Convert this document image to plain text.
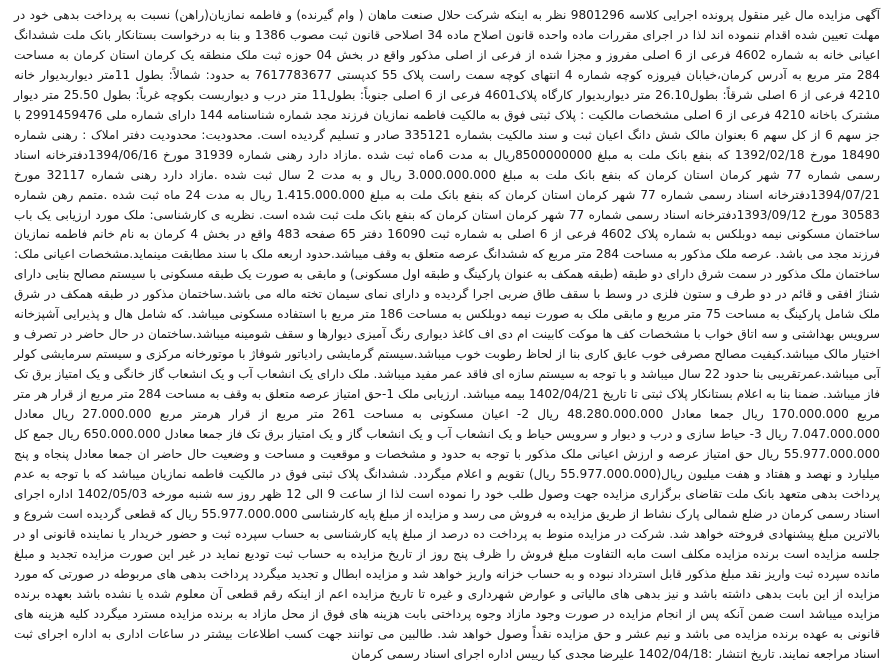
آگهی مزایده مال غیر منقول پرونده اجرایی کلاسه 9801296 نظر به اینکه شرکت حلال صنعت ماهان ( وام گیرنده) و فاطمه نمازیان(راهن) نسبت به پرداخت بدهی خود در مهلت تعیین شده اقدام ننموده اند لذا در اجرای مقررات ماده واحده قانون اصلاح ماده 34 اصلاحی قانون ثبت مصوب 1386 و بنا به درخواست بستانکار بانک ملت ششدانگ اعیانی خانه به شماره 4602 فرعی از 6 اصلی مفروز و مجزا شده از فرعی از اصلی مذکور واقع در بخش 04 حوزه ثبت ملک منطقه یک کرمان استان کرمان به مساحت 284 متر مربع به آدرس کرمان،خیابان فیروزه کوچه شماره 4 انتهای کوچه سمت راست پلاک 55 کدپستی 7617783677 به حدود: شمالاً: بطول 11متر دیواربدیوار خانه 4210 فرعی از 6 اصلی شرقاً: بطول26.10 متر دیواربدیوار کارگاه پلاک4601 فرعی از 6 اصلی جنوباً: بطول11 متر درب و دیواربست بکوچه غرباً: بطول 25.50 متر دیوار مشترک باخانه 4210 فرعی از 6 اصلی مشخصات مالکیت : پلاک ثبتی فوق به مالکیت فاطمه نمازیان فرزند مجد شماره شناسنامه 144 دارای شماره ملی 2991459476 با جز سهم 6 از کل سهم 6 بعنوان مالک شش دانگ اعیان ثبت و سند مالکیت بشماره 335121 صادر و تسلیم گردیده است. محدودیت: محدودیت دفتر املاک : رهنی شماره 18490 مورخ 1392/02/18 که بنفع بانک ملت به مبلغ 8500000000ریال به مدت 6ماه ثبت شده .مازاد دارد رهنی شماره 31939 مورخ 1394/06/16دفترخانه اسناد رسمی شماره 77 شهر کرمان استان کرمان که بنفع بانک ملت به مبلغ 3.000.000.000 ریال و به مدت 2 سال ثبت شده .مازاد دارد رهنی شماره 32117 مورخ 1394/07/21دفترخانه اسناد رسمی شماره 77 شهر کرمان استان کرمان که بنفع بانک ملت به مبلغ 1.415.000.000 ریال به مدت 24 ماه ثبت شده .متمم رهن شماره 30583 مورخ 1393/09/12دفترخانه اسناد رسمی شماره 77 شهر کرمان استان کرمان که بنفع بانک ملت ثبت شده است. نظریه ی کارشناسی: ملک مورد ارزیابی یک باب ساختمان مسکونی نیمه دوبلکس به شماره پلاک 4602 فرعی از 6 اصلی به شماره ثبت 16090 دفتر 65 صفحه 483 واقع در بخش 4 کرمان به نام خانم فاطمه نمازیان فرزند مجد می باشد. عرصه ملک مذکور به مساحت 284 متر مربع که ششدانگ عرصه متعلق به وقف میباشد.حدود اربعه ملک با سند مطابقت مینماید.مشخصات اعیانی ملک: ساختمان ملک مذکور در سمت شرق دارای دو طبقه (طبقه همکف به عنوان پارکینگ و طبقه اول مسکونی) و مابقی به صورت یک طبقه مسکونی با سیستم مصالح بنایی دارای شناژ افقی و قائم در دو طرف و ستون فلزی در وسط با سقف طاق ضربی اجرا گردیده و دارای نمای سیمان تخته ماله می باشد.ساختمان مذکور در طبقه همکف در شرق ملک شامل پارکینگ به مساحت 75 متر مربع و مابقی ملک به صورت نیمه دوبلکس به مساحت 186 متر مربع با استفاده مسکونی میباشد. که شامل هال و پذیرایی آشپزخانه سرویس بهداشتی و سه اتاق خواب با مشخصات کف ها موکت کابینت ام دی اف کاغذ دیواری رنگ آمیزی دیوارها و سقف شومینه میباشد.ساختمان در حال حاضر در تصرف و اختیار مالک میباشد.کیفیت مصالح مصرفی خوب عایق کاری بنا از لحاظ رطوبت خوب میباشد.سیستم گرمایشی رادیاتور شوفاژ با موتورخانه مرکزی و سیستم سرمایشی کولر آبی میباشد.عمرتقریبی بنا حدود 22 سال میباشد و با توجه به سیستم سازه ای فاقد عمر مفید میباشد. ملک دارای یک انشعاب آب و یک انشعاب گاز خانگی و یک امتیاز برق تک فاز میباشد. ضمنا بنا به اعلام بستانکار پلاک ثبتی تا تاریخ 1402/04/21 بیمه میباشد. ارزیابی ملک 1-حق امتیاز عرصه متعلق به وقف به مساحت 284 متر مربع از قرار هر متر مربع 170.000.000 ریال جمعا معادل 48.280.000.000 ریال 2- اعیان مسکونی به مساحت 261 متر مربع از قرار هرمتر مربع 27.000.000 ریال معادل 7.047.000.000 ریال 3- حیاط سازی و درب و دیوار و سرویس حیاط و یک انشعاب آب و یک انشعاب گاز و یک امتیاز برق تک فاز جمعا معادل 650.000.000 ریال جمع کل 55.977.000.000 ریال حق امتیاز عرصه و ارزش اعیانی ملک مذکور با توجه به حدود و مشخصات و موقعیت و مساحت و وضعیت حال حاضر ان جمعا معادل پنجاه و پنج میلیارد و نهصد و هفتاد و هفت میلیون ریال(55.977.000.000 ریال) تقویم و اعلام میگردد. ششدانگ پلاک ثبتی فوق در مالکیت فاطمه نمازیان میباشد که با توجه به عدم پرداخت بدهی متعهد بانک ملت تقاضای برگزاری مزایده جهت وصول طلب خود را نموده است لذا از ساعت 9 الی 12 ظهر روز سه شنبه مورخه 1402/05/03 اداره اجرای اسناد رسمی کرمان در ضلع شمالی پارک نشاط از طریق مزایده به فروش می رسد و مزایده از مبلغ پایه کارشناسی 55.977.000.000 ریال که قطعی گردیده است شروع و بالاترین مبلغ پیشنهادی فروخته خواهد شد. شرکت در مزایده منوط به پرداخت ده درصد از مبلغ پایه کارشناسی به حساب سپرده ثبت و حضور خریدار یا نماینده قانونی او در جلسه مزایده است برنده مزایده مکلف است مابه التفاوت مبلغ فروش را ظرف پنج روز از تاریخ مزایده به حساب ثبت تودیع نماید در غیر این صورت مزایده تجدید و مبلغ مانده سپرده ثبت واریز نقد مبلغ مذکور قابل استرداد نبوده و به حساب خزانه واریز خواهد شد و مزایده ابطال و تجدید میگردد پرداخت بدهی های مربوطه در صورتی که مورد مزایده از این بابت بدهی داشته باشد و نیز بدهی های مالیاتی و عوارض شهرداری و غیره تا تاریخ مزایده اعم از اینکه رقم قطعی آن معلوم شده یا نشده باشد بعهده برنده مزایده میباشد است ضمن آنکه پس از انجام مزایده در صورت وجود مازاد وجوه پرداختی بابت هزینه های فوق از محل مازاد به برنده مزایده مسترد میگردد کلیه هزینه های قانونی به عهده برنده مزایده می باشد و نیم عشر و حق مزایده نقداً وصول خواهد شد. طالبین می توانند جهت کسب اطلاعات بیشتر در ساعات اداری به اداره اجرای ثبت اسناد مراجعه نمایند. تاریخ انتشار :1402/04/18 علیرضا مجدی کیا رییس اداره اجرای اسناد رسمی کرمان
